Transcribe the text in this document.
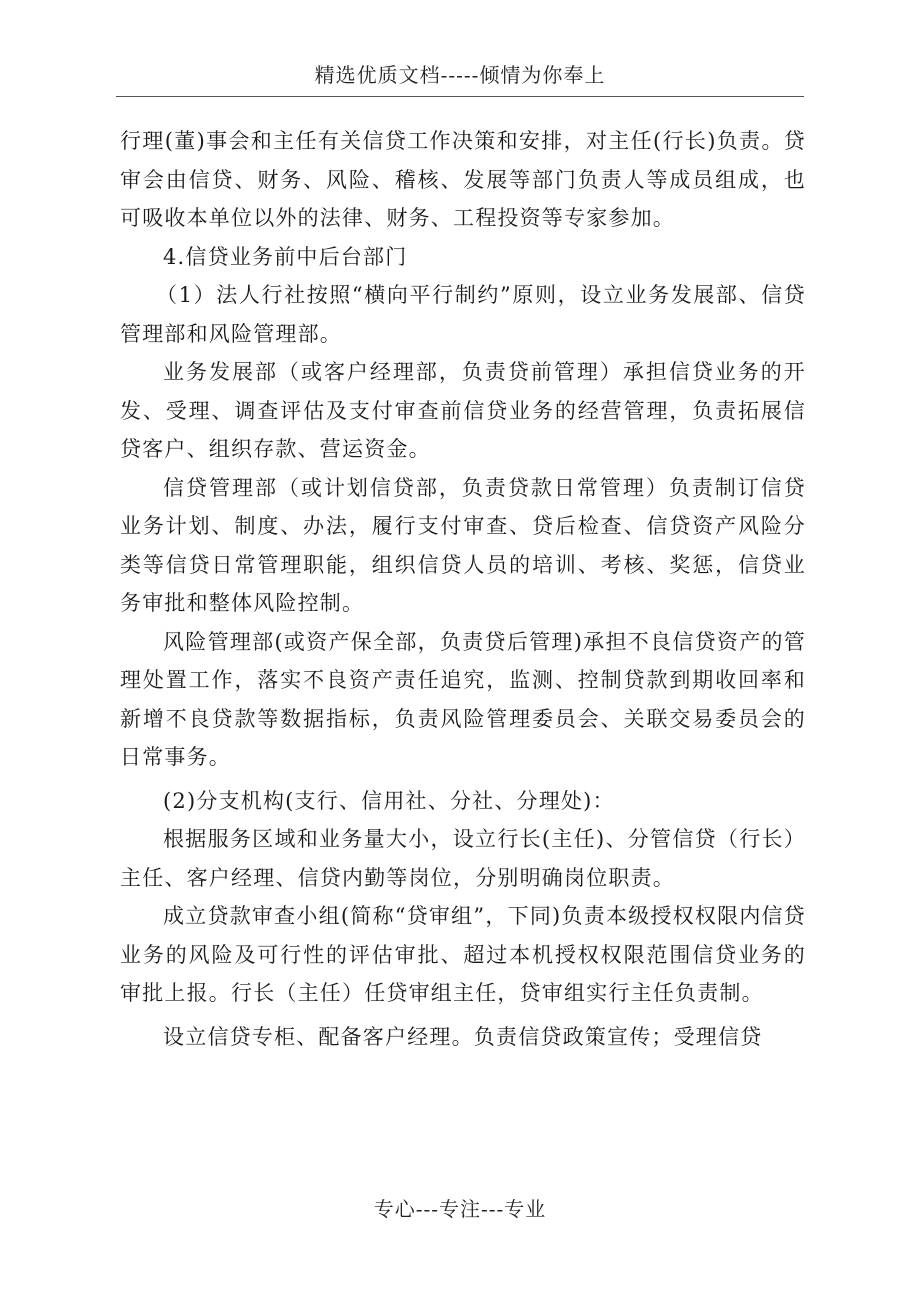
精选优质文档-----倾情为你奉上

行理(董)事会和主任有关信贷工作决策和安排，对主任(行长)负责。贷审会由信贷、财务、风险、稽核、发展等部门负责人等成员组成，也可吸收本单位以外的法律、财务、工程投资等专家参加。

4.信贷业务前中后台部门

（1）法人行社按照“横向平行制约”原则，设立业务发展部、信贷管理部和风险管理部。

业务发展部（或客户经理部，负责贷前管理）承担信贷业务的开发、受理、调查评估及支付审查前信贷业务的经营管理，负责拓展信贷客户、组织存款、营运资金。

信贷管理部（或计划信贷部，负责贷款日常管理）负责制订信贷业务计划、制度、办法，履行支付审查、贷后检查、信贷资产风险分类等信贷日常管理职能，组织信贷人员的培训、考核、奖惩，信贷业务审批和整体风险控制。

风险管理部(或资产保全部，负责贷后管理)承担不良信贷资产的管理处置工作，落实不良资产责任追究，监测、控制贷款到期收回率和新增不良贷款等数据指标，负责风险管理委员会、关联交易委员会的日常事务。

(2)分支机构(支行、信用社、分社、分理处)：

根据服务区域和业务量大小，设立行长(主任)、分管信贷（行长）主任、客户经理、信贷内勤等岗位，分别明确岗位职责。

成立贷款审查小组(简称“贷审组”，下同)负责本级授权权限内信贷业务的风险及可行性的评估审批、超过本机授权权限范围信贷业务的审批上报。行长（主任）任贷审组主任，贷审组实行主任负责制。

设立信贷专柜、配备客户经理。负责信贷政策宣传；受理信贷

专心---专注---专业
